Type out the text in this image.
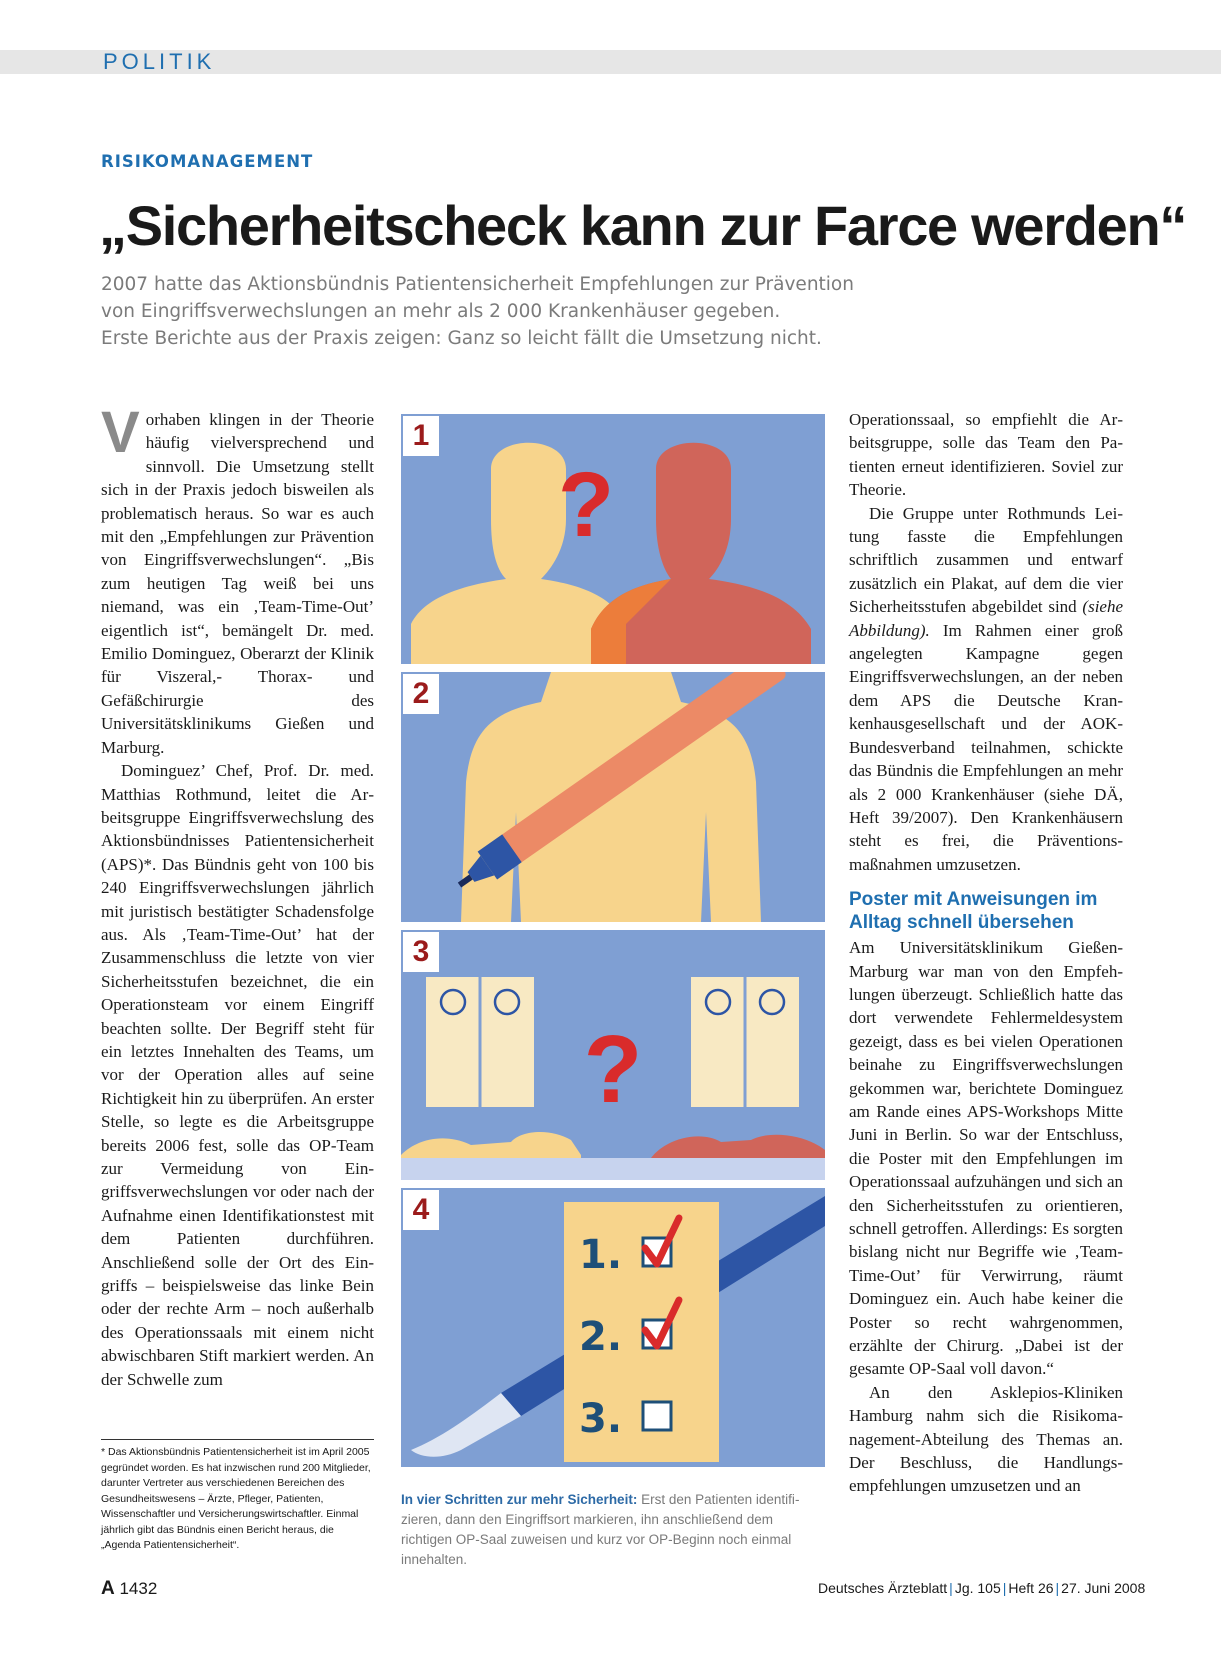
POLITIK
RISIKOMANAGEMENT
„Sicherheitscheck kann zur Farce werden“

2007 hatte das Aktionsbündnis Patientensicherheit Empfehlungen zur Prävention

von Eingriffsverwechslungen an mehr als 2 000 Krankenhäuser gegeben.

Erste Berichte aus der Praxis zeigen: Ganz so leicht fällt die Umsetzung nicht.

Vorhaben klingen in der Theorie häufig vielversprechend und sinnvoll. Die Umsetzung stellt sich in der Praxis jedoch bisweilen als problematisch heraus. So war es auch mit den „Empfehlungen zur Prävention von Eingriffsverwechslungen“. „Bis zum heutigen Tag weiß bei uns niemand, was ein ‚Team-Time-Out’ eigentlich ist“, bemängelt Dr. med. Emilio Dominguez, Oberarzt der Klinik für Viszeral,- Thorax- und Gefäßchirurgie des Universitätsklinikums Gießen und Marburg.

Dominguez’ Chef, Prof. Dr. med. Matthias Rothmund, leitet die Arbeitsgruppe Eingriffsverwechslung des Aktionsbündnisses Patientensicherheit (APS)*. Das Bündnis geht von 100 bis 240 Eingriffsverwechslungen jährlich mit juristisch bestätigter Schadensfolge aus. Als ‚Team-Time-Out’ hat der Zusammenschluss die letzte von vier Sicherheitsstufen bezeichnet, die ein Operationsteam vor einem Eingriff beachten sollte. Der Begriff steht für ein letztes Innehalten des Teams, um vor der Operation alles auf seine Richtigkeit hin zu überprüfen. An erster Stelle, so legte es die Arbeitsgruppe bereits 2006 fest, solle das OP-Team zur Vermeidung von Eingriffsverwechslungen vor oder nach der Aufnahme einen Identifikationstest mit dem Patienten durchführen. Anschließend solle der Ort des Eingriffs – beispielsweise das linke Bein oder der rechte Arm – noch außerhalb des Operationssaals mit einem nicht abwischbaren Stift markiert werden. An der Schwelle zum

* Das Aktionsbündnis Patientensicherheit ist im April 2005 gegründet worden. Es hat inzwischen rund 200 Mitglieder, darunter Vertreter aus verschiedenen Bereichen des Gesundheitswesens – Ärzte, Pfleger, Patienten, Wissenschaftler und Versicherungswirtschaftler. Einmal jährlich gibt das Bündnis einen Bericht heraus, die „Agenda Patientensicherheit“.
?
1
2
?
3
1.
2.
3.
4
In vier Schritten zur mehr Sicherheit: Erst den Patienten identifizieren, dann den Eingriffsort markieren, ihn anschließend dem richtigen OP-Saal zuweisen und kurz vor OP-Beginn noch einmal innehalten.

Operationssaal, so empfiehlt die Arbeitsgruppe, solle das Team den Patienten erneut identifizieren. Soviel zur Theorie.

Die Gruppe unter Rothmunds Leitung fasste die Empfehlungen schriftlich zusammen und entwarf zusätzlich ein Plakat, auf dem die vier Sicherheitsstufen abgebildet sind (siehe Abbildung). Im Rahmen einer groß angelegten Kampagne gegen Eingriffsverwechslungen, an der neben dem APS die Deutsche Krankenhausgesellschaft und der AOK-Bundesverband teilnahmen, schickte das Bündnis die Empfehlungen an mehr als 2 000 Krankenhäuser (siehe DÄ, Heft 39/2007). Den Krankenhäusern steht es frei, die Präventionsmaßnahmen umzusetzen.

Poster mit Anweisungen im Alltag schnell übersehen

Am Universitätsklinikum Gießen-Marburg war man von den Empfehlungen überzeugt. Schließlich hatte das dort verwendete Fehlermeldesystem gezeigt, dass es bei vielen Operationen beinahe zu Eingriffsverwechslungen gekommen war, berichtete Dominguez am Rande eines APS-Workshops Mitte Juni in Berlin. So war der Entschluss, die Poster mit den Empfehlungen im Operationssaal aufzuhängen und sich an den Sicherheitsstufen zu orientieren, schnell getroffen. Allerdings: Es sorgten bislang nicht nur Begriffe wie ‚Team-Time-Out’ für Verwirrung, räumt Dominguez ein. Auch habe keiner die Poster so recht wahrgenommen, erzählte der Chirurg. „Dabei ist der gesamte OP-Saal voll davon.“

An den Asklepios-Kliniken Hamburg nahm sich die Risikomanagement-Abteilung des Themas an. Der Beschluss, die Handlungsempfehlungen umzusetzen und an

A 1432	Deutsches Ärzteblatt | Jg. 105 | Heft 26 | 27. Juni 2008
